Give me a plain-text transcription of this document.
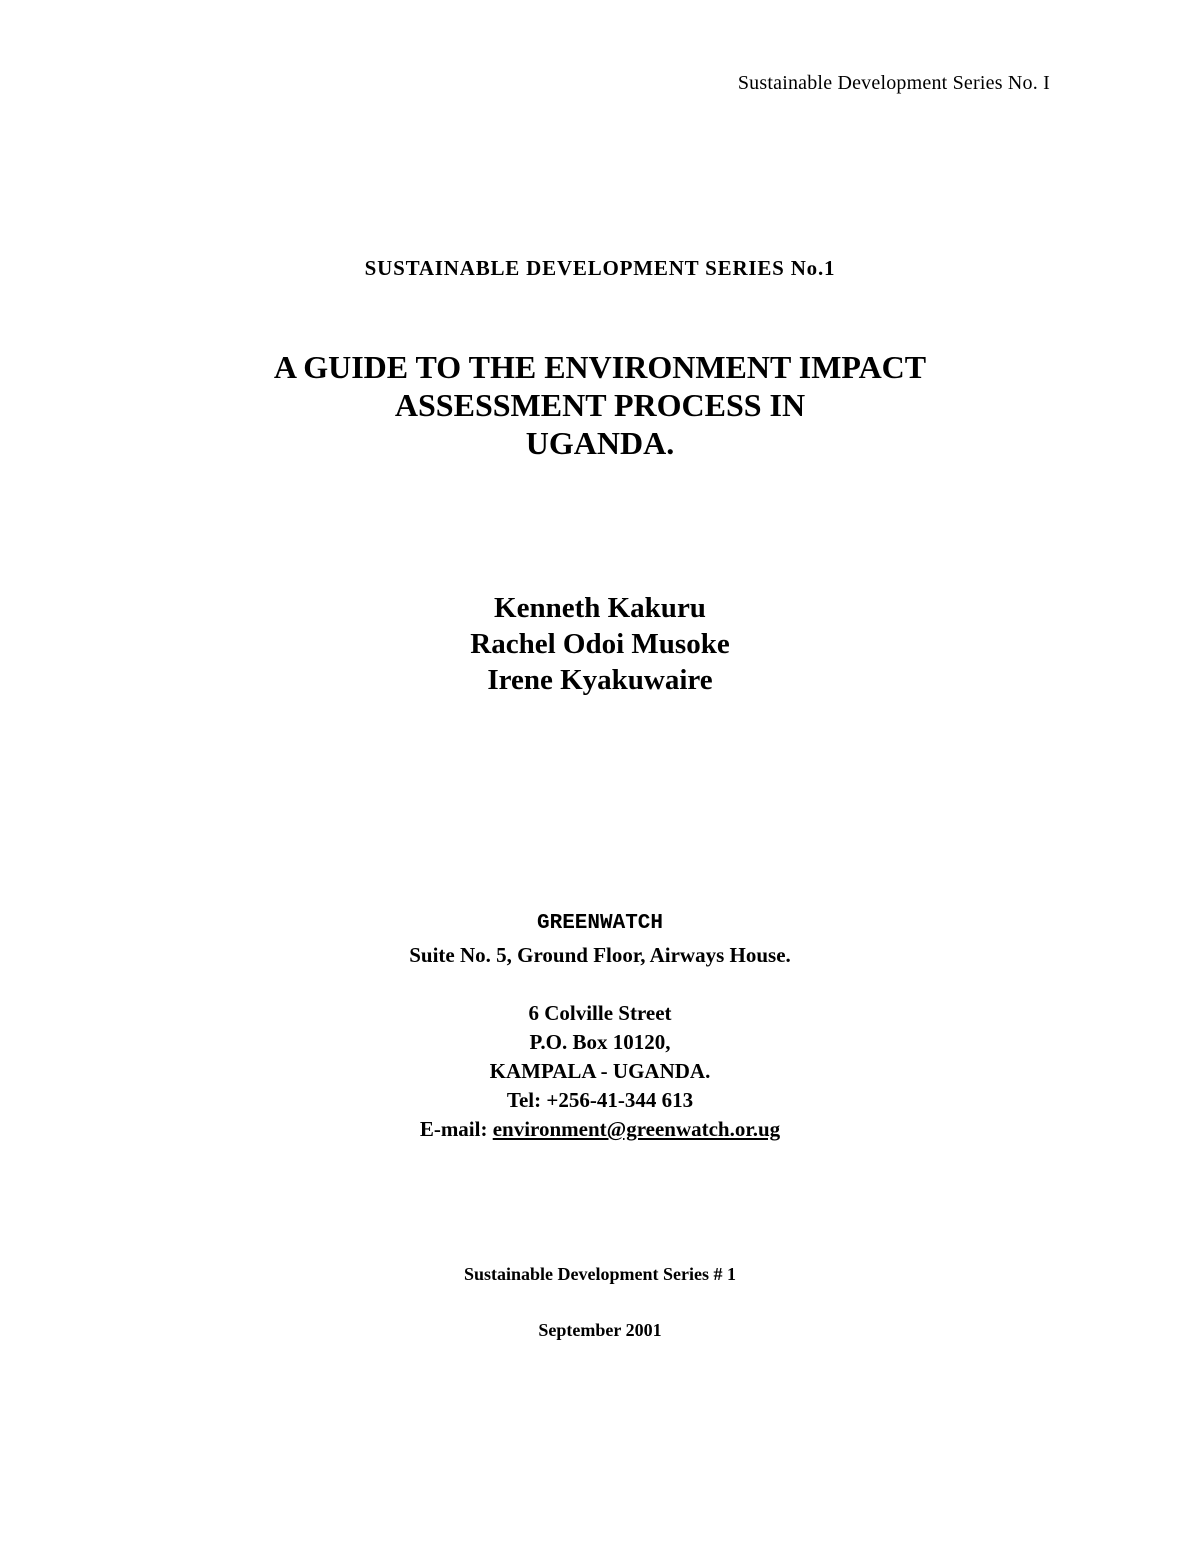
Sustainable Development Series No. I
SUSTAINABLE DEVELOPMENT SERIES No.1
A GUIDE TO THE ENVIRONMENT IMPACT
ASSESSMENT PROCESS IN
UGANDA.
Kenneth Kakuru
Rachel Odoi Musoke
Irene Kyakuwaire
GREENWATCH
Suite No. 5, Ground Floor, Airways House.
6 Colville Street
P.O. Box 10120,
KAMPALA - UGANDA.
Tel: +256-41-344 613
E-mail: environment@greenwatch.or.ug
Sustainable Development Series # 1
September 2001
